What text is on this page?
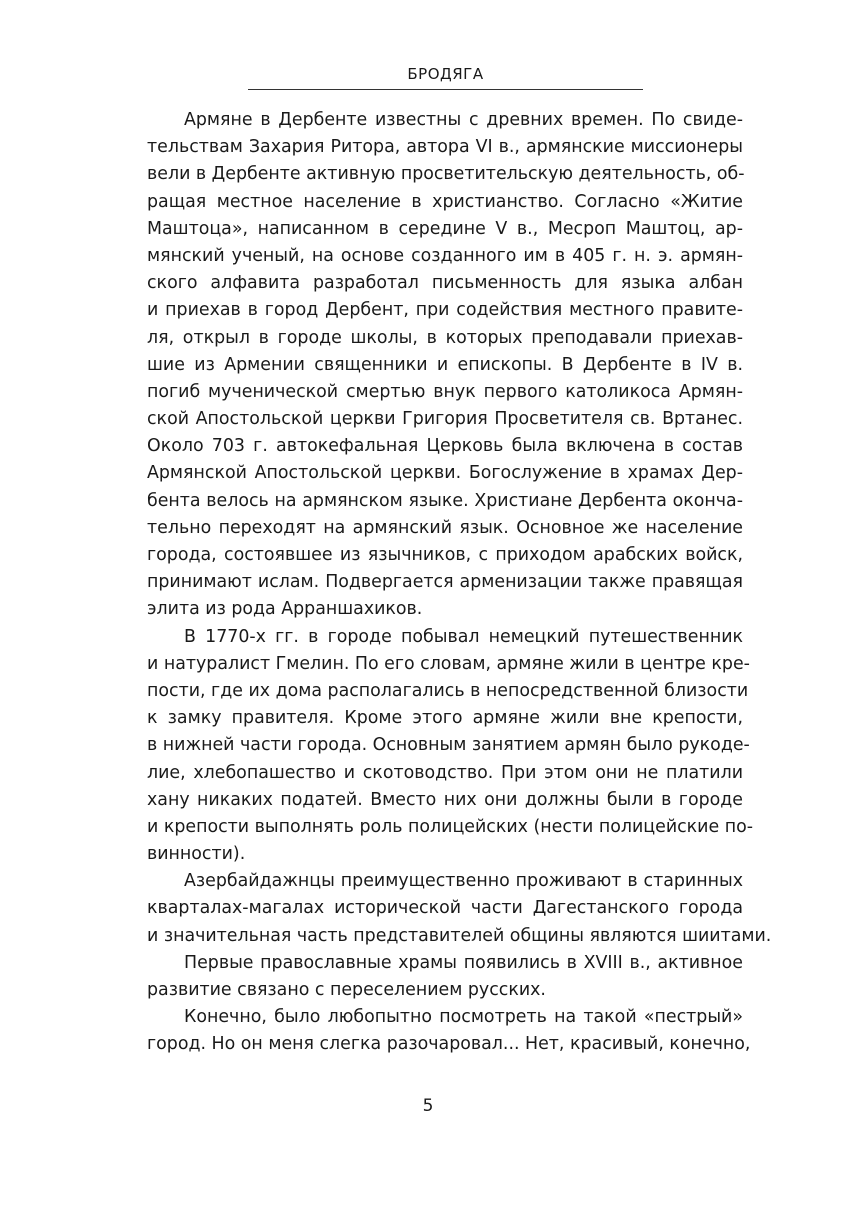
БРОДЯГА
Армяне в Дербенте известны с древних времен. По свиде-
тельствам Захария Ритора, автора VI в., армянские миссионеры
вели в Дербенте активную просветительскую деятельность, об-
ращая местное население в христианство. Согласно «Житие
Маштоца», написанном в середине V в., Месроп Маштоц, ар-
мянский ученый, на основе созданного им в 405 г. н. э. армян-
ского алфавита разработал письменность для языка албан
и приехав в город Дербент, при содействия местного правите-
ля, открыл в городе школы, в которых преподавали приехав-
шие из Армении священники и епископы. В Дербенте в IV в.
погиб мученической смертью внук первого католикоса Армян-
ской Апостольской церкви Григория Просветителя св. Вртанес.
Около 703 г. автокефальная Церковь была включена в состав
Армянской Апостольской церкви. Богослужение в храмах Дер-
бента велось на армянском языке. Христиане Дербента оконча-
тельно переходят на армянский язык. Основное же население
города, состоявшее из язычников, с приходом арабских войск,
принимают ислам. Подвергается арменизации также правящая
элита из рода Арраншахиков.
В 1770-х гг. в городе побывал немецкий путешественник
и натуралист Гмелин. По его словам, армяне жили в центре кре-
пости, где их дома располагались в непосредственной близости
к замку правителя. Кроме этого армяне жили вне крепости,
в нижней части города. Основным занятием армян было рукоде-
лие, хлебопашество и скотоводство. При этом они не платили
хану никаких податей. Вместо них они должны были в городе
и крепости выполнять роль полицейских (нести полицейские по-
винности).
Азербайдажнцы преимущественно проживают в старинных
кварталах-магалах исторической части Дагестанского города
и значительная часть представителей общины являются шиитами.
Первые православные храмы появились в XVIII в., активное
развитие связано с переселением русских.
Конечно, было любопытно посмотреть на такой «пестрый»
город. Но он меня слегка разочаровал... Нет, красивый, конечно,
5
